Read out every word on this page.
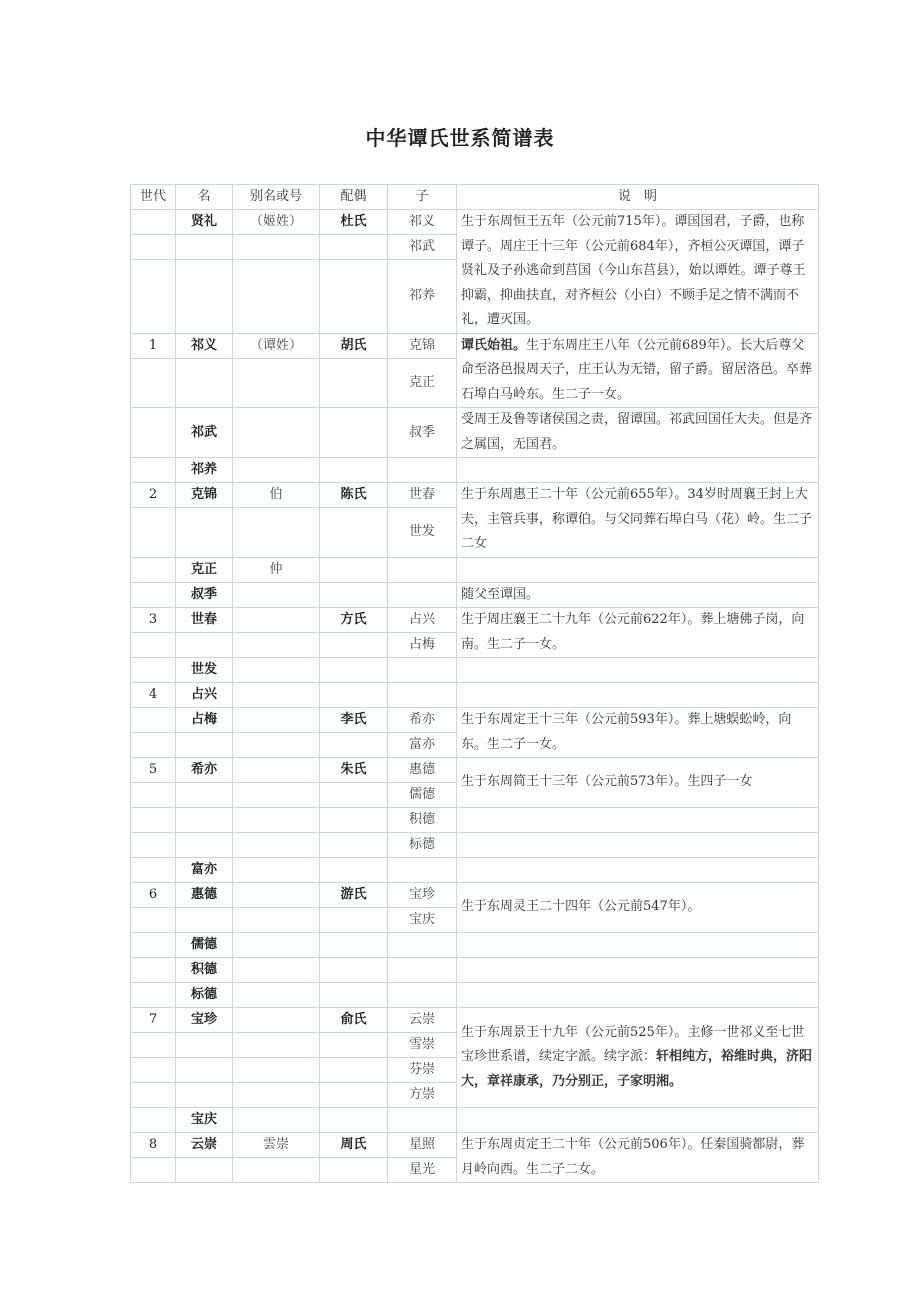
中华谭氏世系简谱表
世代	名	别名或号	配偶	子	说　明
	贤礼	（姬姓）	杜氏	祁义	生于东周恒王五年（公元前715年）。谭国国君，子爵，也称谭子。周庄王十三年（公元前684年），齐桓公灭谭国，谭子贤礼及子孙逃命到莒国（今山东莒县），始以谭姓。谭子尊王抑霸，抑曲扶直，对齐桓公（小白）不顾手足之情不满而不礼，遭灭国。
				祁武	
				祁养	
1	祁义	（谭姓）	胡氏	克锦	谭氏始祖。生于东周庄王八年（公元前689年）。长大后尊父命至洛邑报周天子，庄王认为无错，留子爵。留居洛邑。卒葬石埠白马岭东。生二子一女。
				克正	
	祁武			叔季	受周王及鲁等诸侯国之责，留谭国。祁武回国任大夫。但是齐之属国，无国君。
	祁养				
2	克锦	伯	陈氏	世春	生于东周惠王二十年（公元前655年）。34岁时周襄王封上大夫，主管兵事，称谭伯。与父同葬石埠白马（花）岭。生二子二女
				世发	
	克正	仲			
	叔季				随父至谭国。
3	世春		方氏	占兴	生于周庄襄王二十九年（公元前622年）。葬上塘佛子岗，向南。生二子一女。
				占梅	
	世发				
4	占兴				
	占梅		李氏	希亦	生于东周定王十三年（公元前593年）。葬上塘蜈蚣岭，向东。生二子一女。
				富亦	
5	希亦		朱氏	惠德	生于东周简王十三年（公元前573年）。生四子一女
				儒德	
				积德	
				标德	
	富亦				
6	惠德		游氏	宝珍	生于东周灵王二十四年（公元前547年）。
				宝庆	
	儒德				
	积德				
	标德				
7	宝珍		俞氏	云崇	生于东周景王十九年（公元前525年）。主修一世祁义至七世宝珍世系谱，续定字派。续字派：轩相纯方，裕维时典，济阳大，章祥康承，乃分别正，子家明湘。
				雪崇	
				芬崇	
				方崇	
	宝庆				
8	云崇	雲崇	周氏	星照	生于东周贞定王二十年（公元前506年）。任秦国骑都尉，葬月岭向西。生二子二女。
				星光	
